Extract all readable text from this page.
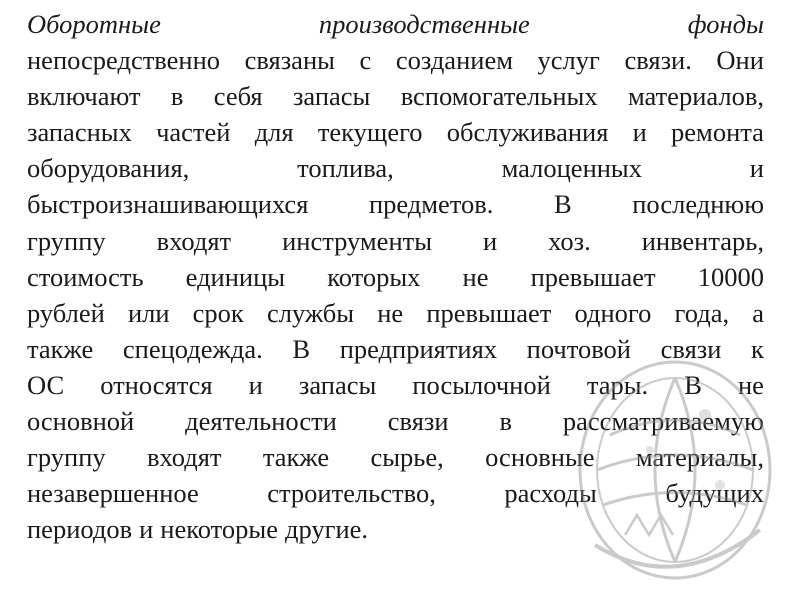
Оборотные	производственные	фонды
непосредственно связаны с созданием услуг связи. Они
включают в себя запасы вспомогательных материалов,
запасных частей для текущего обслуживания и ремонта
оборудования,	топлива,	малоценных	и
быстроизнашивающихся предметов. В последнюю
группу входят инструменты и хоз. инвентарь,
стоимость единицы которых не превышает 10000
рублей или срок службы не превышает одного года, а
также спецодежда. В предприятиях почтовой связи к
ОС относятся и запасы посылочной тары. В не
основной деятельности связи в рассматриваемую
группу входят также сырье, основные материалы,
незавершенное	строительство,	расходы	будущих
периодов и некоторые другие.
